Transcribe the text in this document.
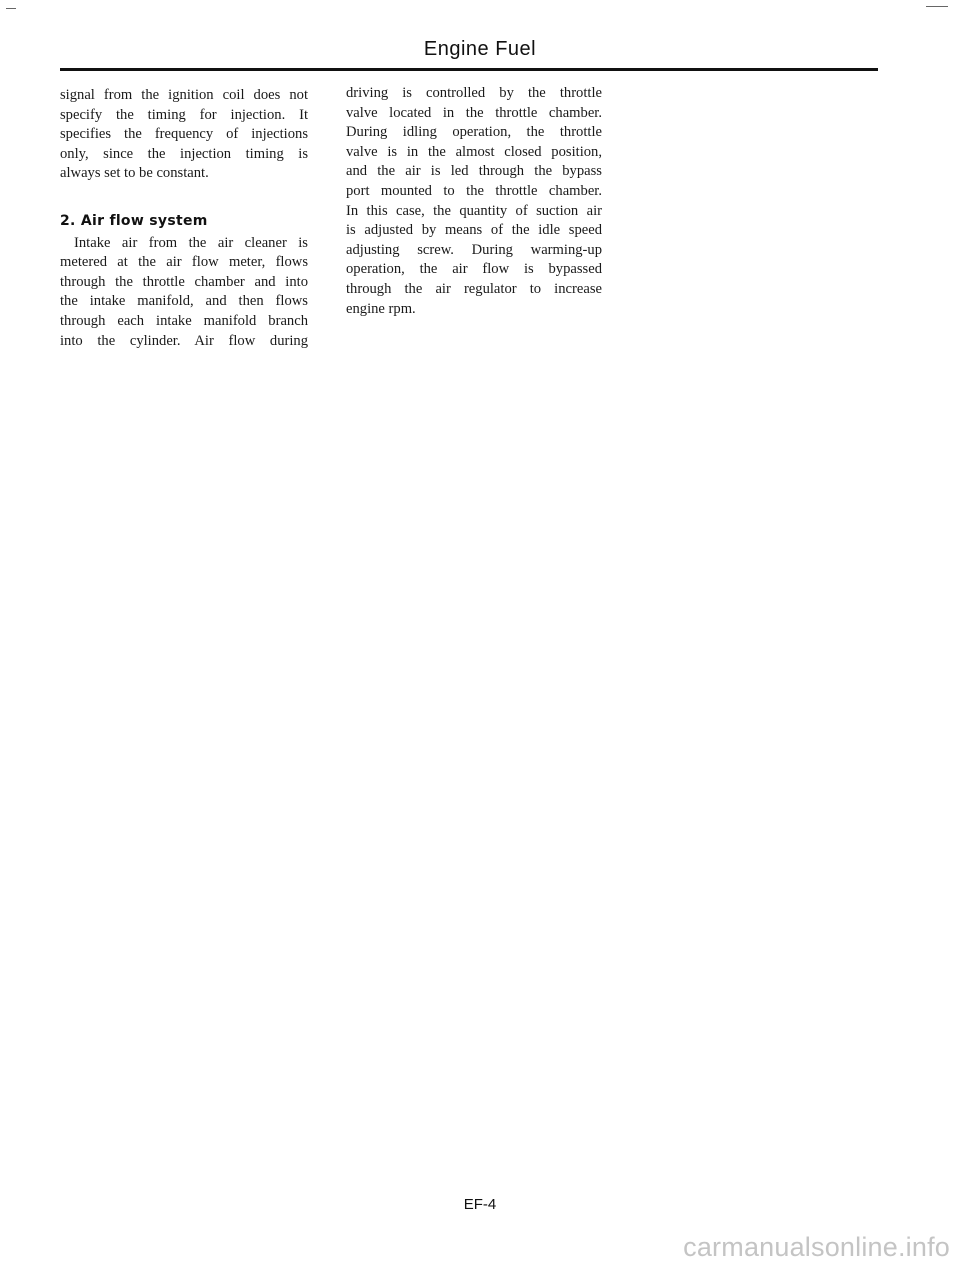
Engine Fuel
signal from the ignition coil does not
specify the timing for injection. It
specifies the frequency of injections
only, since the injection timing is
always set to be constant.
2. Air flow system
Intake air from the air cleaner is
metered at the air flow meter, flows
through the throttle chamber and into
the intake manifold, and then flows
through each intake manifold branch
into the cylinder. Air flow during
driving is controlled by the throttle
valve located in the throttle chamber.
During idling operation, the throttle
valve is in the almost closed position,
and the air is led through the bypass
port mounted to the throttle chamber.
In this case, the quantity of suction air
is adjusted by means of the idle speed
adjusting screw. During warming-up
operation, the air flow is bypassed
through the air regulator to increase
engine rpm.
EF-4
carmanualsonline.info
